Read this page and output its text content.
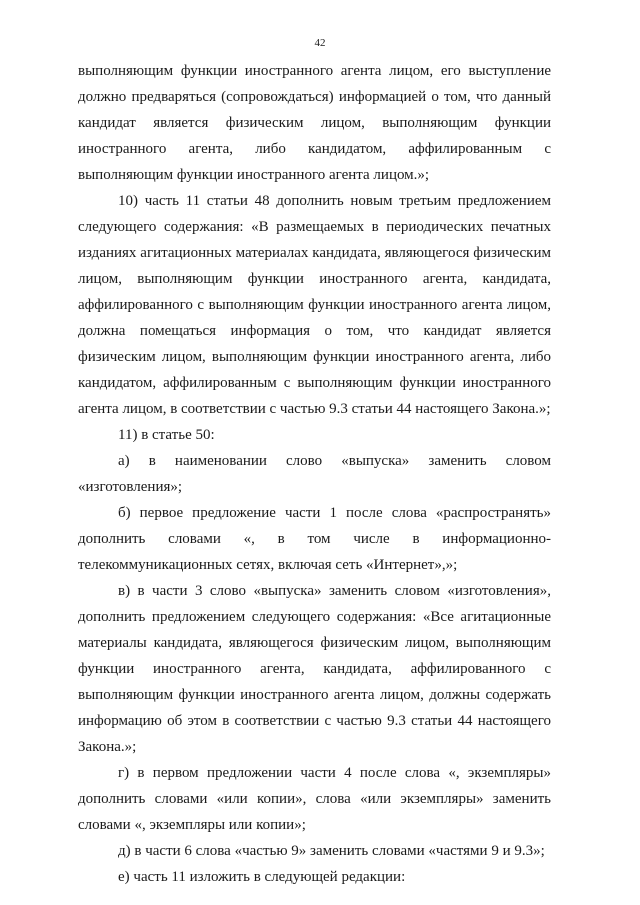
42

выполняющим функции иностранного агента лицом, его выступление должно предваряться (сопровождаться) информацией о том, что данный кандидат является физическим лицом, выполняющим функции иностранного агента, либо кандидатом, аффилированным с выполняющим функции иностранного агента лицом.»;

10) часть 11 статьи 48 дополнить новым третьим предложением следующего содержания: «В размещаемых в периодических печатных изданиях агитационных материалах кандидата, являющегося физическим лицом, выполняющим функции иностранного агента, кандидата, аффилированного с выполняющим функции иностранного агента лицом, должна помещаться информация о том, что кандидат является физическим лицом, выполняющим функции иностранного агента, либо кандидатом, аффилированным с выполняющим функции иностранного агента лицом, в соответствии с частью 9.3 статьи 44 настоящего Закона.»;

11) в статье 50:

а) в наименовании слово «выпуска» заменить словом «изготовления»;

б) первое предложение части 1 после слова «распространять» дополнить словами «, в том числе в информационно-телекоммуникационных сетях, включая сеть «Интернет»,»;

в) в части 3 слово «выпуска» заменить словом «изготовления», дополнить предложением следующего содержания: «Все агитационные материалы кандидата, являющегося физическим лицом, выполняющим функции иностранного агента, кандидата, аффилированного с выполняющим функции иностранного агента лицом, должны содержать информацию об этом в соответствии с частью 9.3 статьи 44 настоящего Закона.»;

г) в первом предложении части 4 после слова «, экземпляры» дополнить словами «или копии», слова «или экземпляры» заменить словами «, экземпляры или копии»;

д) в части 6 слова «частью 9» заменить словами «частями 9 и 9.3»;

е) часть 11 изложить в следующей редакции:
